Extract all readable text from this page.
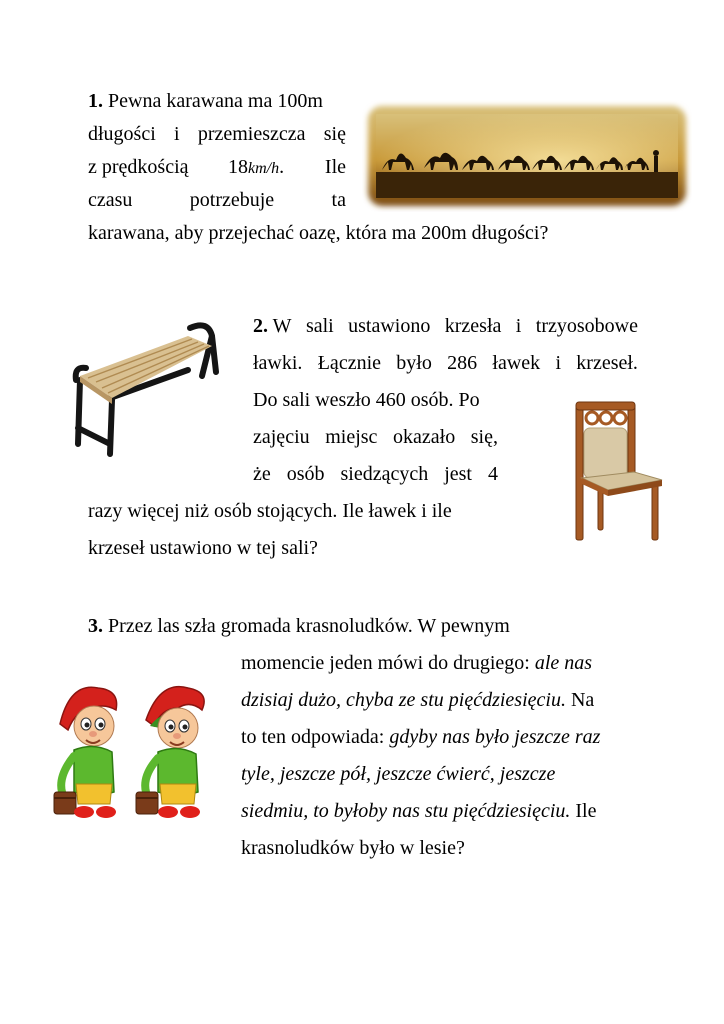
1. Pewna karawana ma 100m
długości i przemieszcza się
z prędkością 18km/h. Ile
czasu	potrzebuje	ta
karawana, aby przejechać oazę, która ma 200m długości?
2. W sali ustawiono krzesła i trzyosobowe
ławki. Łącznie było 286 ławek i krzeseł.
Do sali weszło 460 osób. Po
zajęciu miejsc okazało się,
że osób siedzących jest 4
razy więcej niż osób stojących. Ile ławek i ile
krzeseł ustawiono w tej sali?
3. Przez las szła gromada krasnoludków. W pewnym
momencie jeden mówi do drugiego: ale nas
dzisiaj dużo, chyba ze stu pięćdziesięciu. Na
to ten odpowiada: gdyby nas było jeszcze raz
tyle, jeszcze pół, jeszcze ćwierć, jeszcze
siedmiu, to byłoby nas stu pięćdziesięciu. Ile
krasnoludków było w lesie?
